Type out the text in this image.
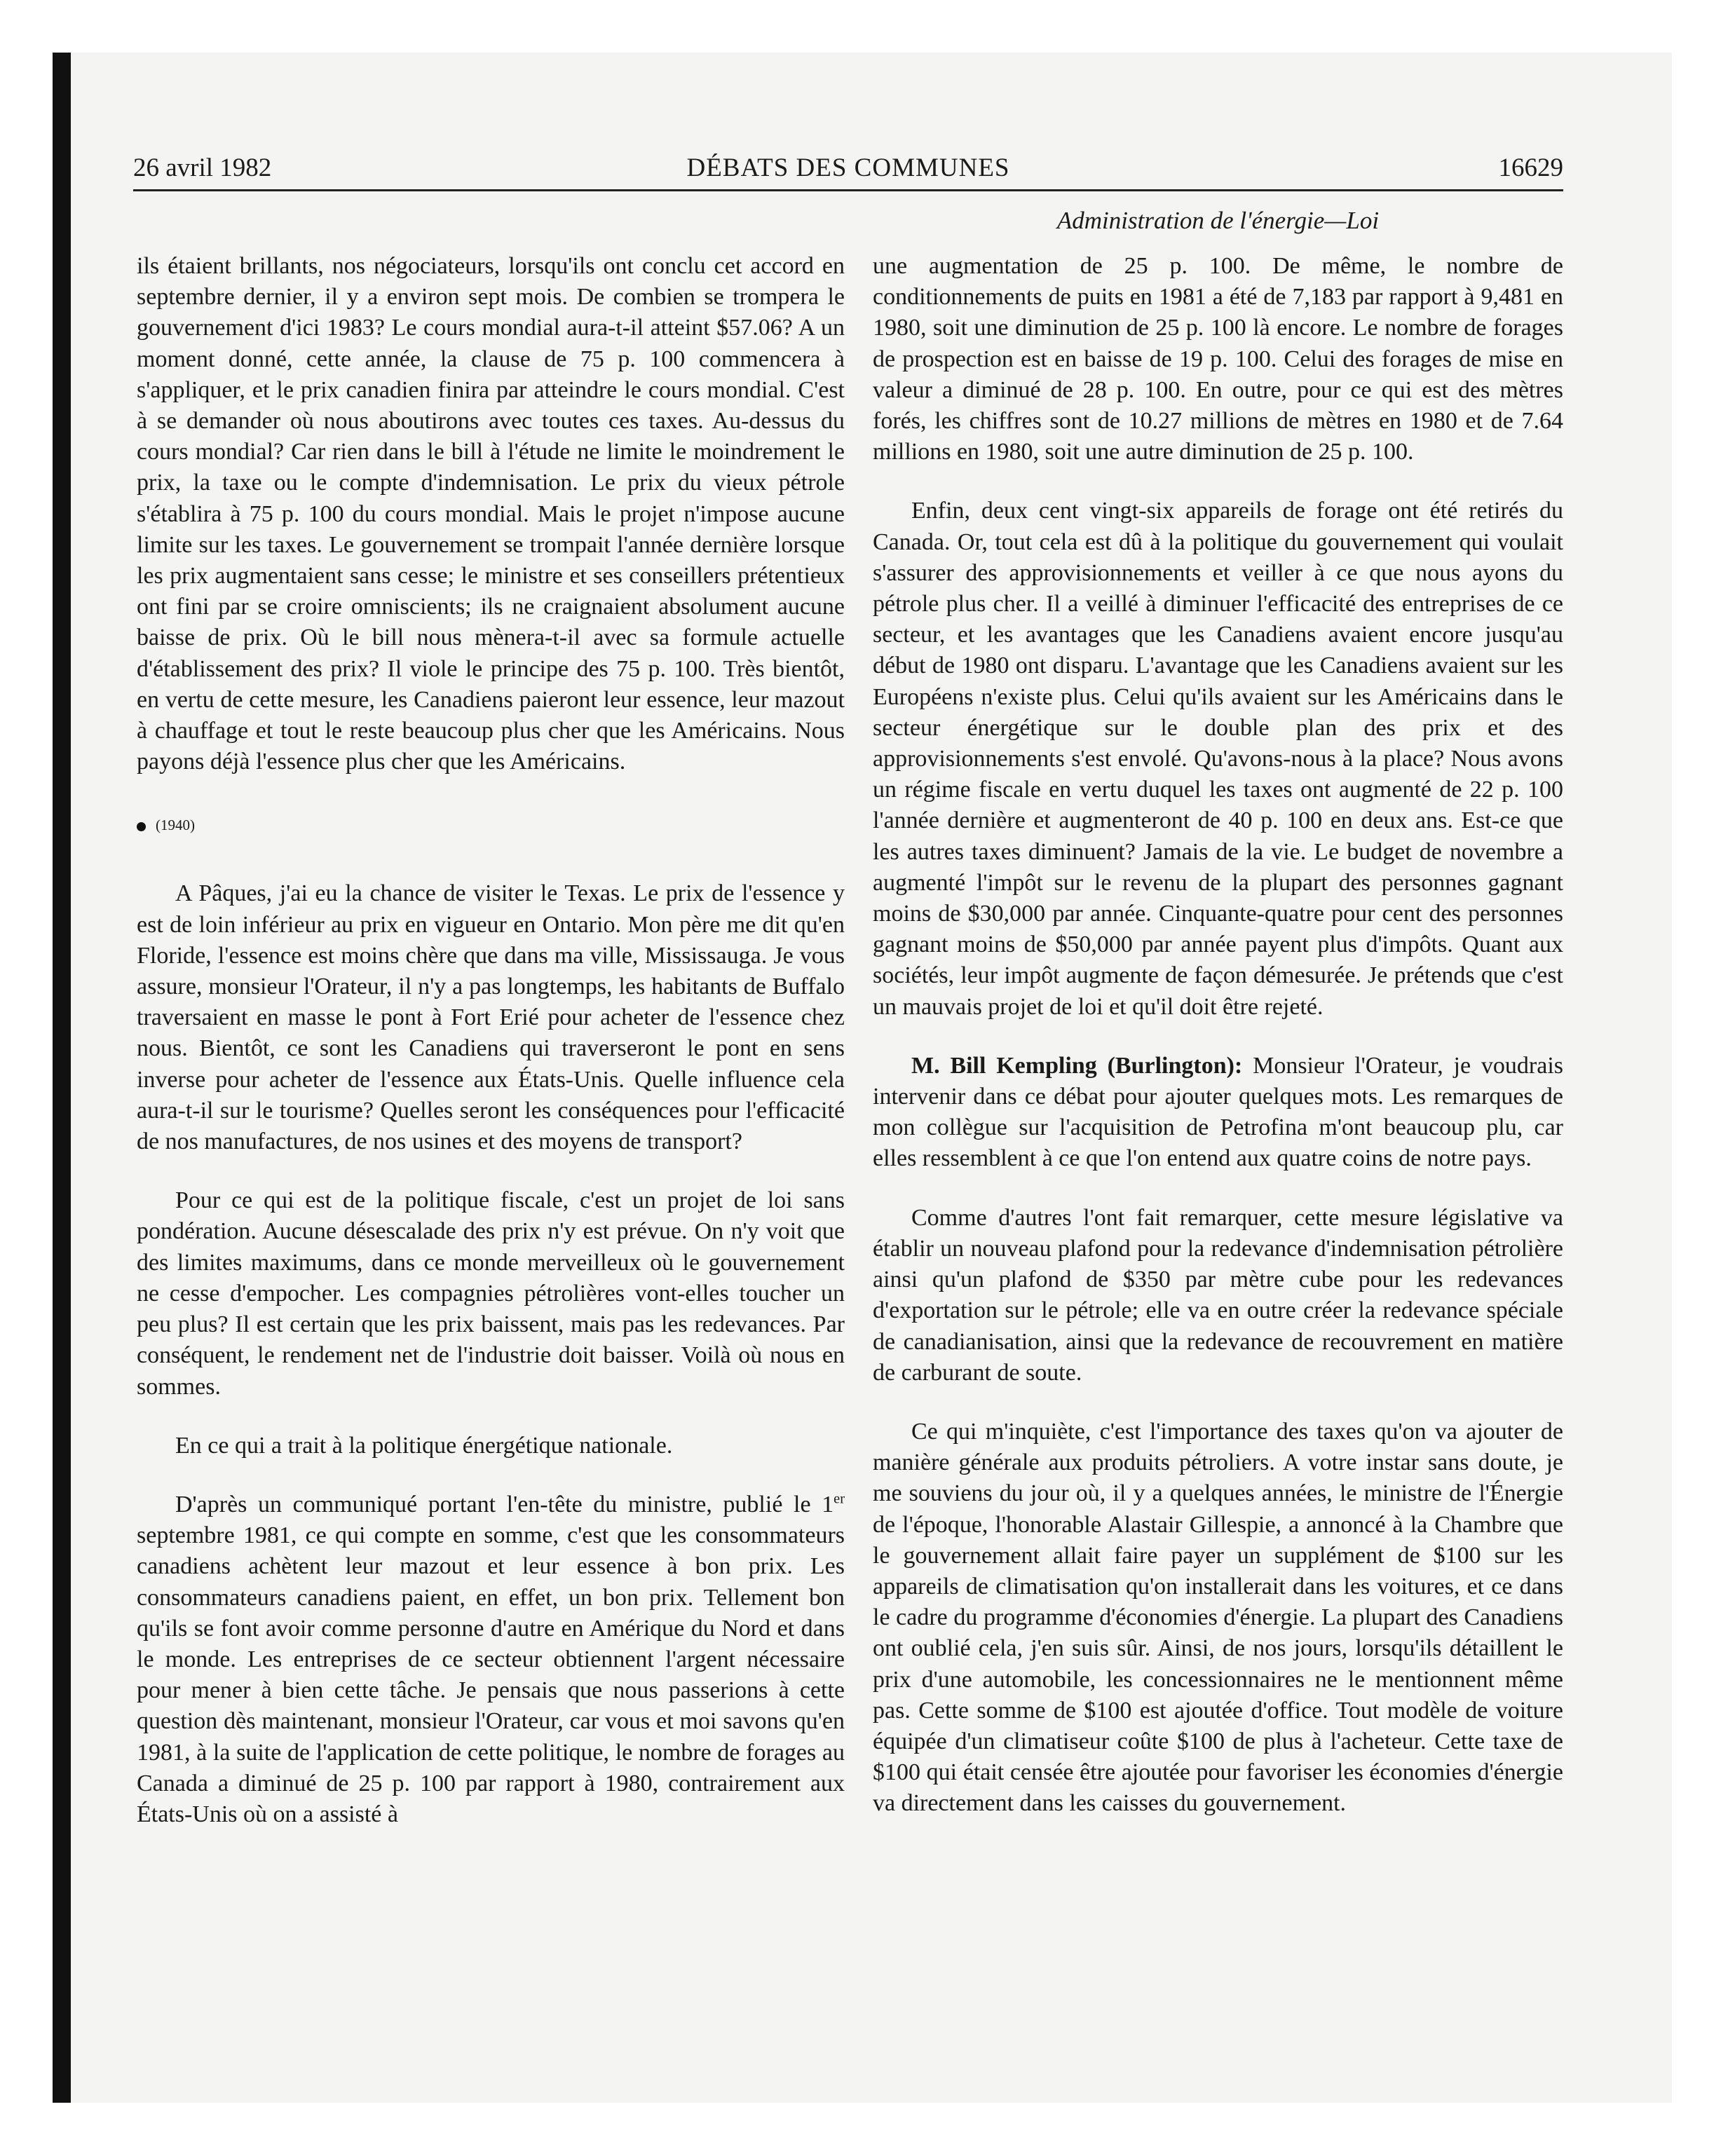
26 avril 1982	DÉBATS DES COMMUNES	16629
Administration de l'énergie—Loi

ils étaient brillants, nos négociateurs, lorsqu'ils ont conclu cet accord en septembre dernier, il y a environ sept mois. De combien se trompera le gouvernement d'ici 1983? Le cours mondial aura-t-il atteint $57.06? A un moment donné, cette année, la clause de 75 p. 100 commencera à s'appliquer, et le prix canadien finira par atteindre le cours mondial. C'est à se demander où nous aboutirons avec toutes ces taxes. Au-dessus du cours mondial? Car rien dans le bill à l'étude ne limite le moindrement le prix, la taxe ou le compte d'indemnisation. Le prix du vieux pétrole s'établira à 75 p. 100 du cours mondial. Mais le projet n'impose aucune limite sur les taxes. Le gouvernement se trompait l'année dernière lorsque les prix augmentaient sans cesse; le ministre et ses conseillers prétentieux ont fini par se croire omniscients; ils ne craignaient absolument aucune baisse de prix. Où le bill nous mènera-t-il avec sa formule actuelle d'établissement des prix? Il viole le principe des 75 p. 100. Très bientôt, en vertu de cette mesure, les Canadiens paieront leur essence, leur mazout à chauffage et tout le reste beaucoup plus cher que les Américains. Nous payons déjà l'essence plus cher que les Américains.

(1940)

A Pâques, j'ai eu la chance de visiter le Texas. Le prix de l'essence y est de loin inférieur au prix en vigueur en Ontario. Mon père me dit qu'en Floride, l'essence est moins chère que dans ma ville, Mississauga. Je vous assure, monsieur l'Orateur, il n'y a pas longtemps, les habitants de Buffalo traversaient en masse le pont à Fort Erié pour acheter de l'essence chez nous. Bientôt, ce sont les Canadiens qui traverseront le pont en sens inverse pour acheter de l'essence aux États-Unis. Quelle influence cela aura-t-il sur le tourisme? Quelles seront les conséquences pour l'efficacité de nos manufactures, de nos usines et des moyens de transport?

Pour ce qui est de la politique fiscale, c'est un projet de loi sans pondération. Aucune désescalade des prix n'y est prévue. On n'y voit que des limites maximums, dans ce monde merveilleux où le gouvernement ne cesse d'empocher. Les compagnies pétrolières vont-elles toucher un peu plus? Il est certain que les prix baissent, mais pas les redevances. Par conséquent, le rendement net de l'industrie doit baisser. Voilà où nous en sommes.

En ce qui a trait à la politique énergétique nationale.

D'après un communiqué portant l'en-tête du ministre, publié le 1er septembre 1981, ce qui compte en somme, c'est que les consommateurs canadiens achètent leur mazout et leur essence à bon prix. Les consommateurs canadiens paient, en effet, un bon prix. Tellement bon qu'ils se font avoir comme personne d'autre en Amérique du Nord et dans le monde. Les entreprises de ce secteur obtiennent l'argent nécessaire pour mener à bien cette tâche. Je pensais que nous passerions à cette question dès maintenant, monsieur l'Orateur, car vous et moi savons qu'en 1981, à la suite de l'application de cette politique, le nombre de forages au Canada a diminué de 25 p. 100 par rapport à 1980, contrairement aux États-Unis où on a assisté à

une augmentation de 25 p. 100. De même, le nombre de conditionnements de puits en 1981 a été de 7,183 par rapport à 9,481 en 1980, soit une diminution de 25 p. 100 là encore. Le nombre de forages de prospection est en baisse de 19 p. 100. Celui des forages de mise en valeur a diminué de 28 p. 100. En outre, pour ce qui est des mètres forés, les chiffres sont de 10.27 millions de mètres en 1980 et de 7.64 millions en 1980, soit une autre diminution de 25 p. 100.

Enfin, deux cent vingt-six appareils de forage ont été retirés du Canada. Or, tout cela est dû à la politique du gouvernement qui voulait s'assurer des approvisionnements et veiller à ce que nous ayons du pétrole plus cher. Il a veillé à diminuer l'efficacité des entreprises de ce secteur, et les avantages que les Canadiens avaient encore jusqu'au début de 1980 ont disparu. L'avantage que les Canadiens avaient sur les Européens n'existe plus. Celui qu'ils avaient sur les Américains dans le secteur énergétique sur le double plan des prix et des approvisionnements s'est envolé. Qu'avons-nous à la place? Nous avons un régime fiscale en vertu duquel les taxes ont augmenté de 22 p. 100 l'année dernière et augmenteront de 40 p. 100 en deux ans. Est-ce que les autres taxes diminuent? Jamais de la vie. Le budget de novembre a augmenté l'impôt sur le revenu de la plupart des personnes gagnant moins de $30,000 par année. Cinquante-quatre pour cent des personnes gagnant moins de $50,000 par année payent plus d'impôts. Quant aux sociétés, leur impôt augmente de façon démesurée. Je prétends que c'est un mauvais projet de loi et qu'il doit être rejeté.

M. Bill Kempling (Burlington): Monsieur l'Orateur, je voudrais intervenir dans ce débat pour ajouter quelques mots. Les remarques de mon collègue sur l'acquisition de Petrofina m'ont beaucoup plu, car elles ressemblent à ce que l'on entend aux quatre coins de notre pays.

Comme d'autres l'ont fait remarquer, cette mesure législative va établir un nouveau plafond pour la redevance d'indemnisation pétrolière ainsi qu'un plafond de $350 par mètre cube pour les redevances d'exportation sur le pétrole; elle va en outre créer la redevance spéciale de canadianisation, ainsi que la redevance de recouvrement en matière de carburant de soute.

Ce qui m'inquiète, c'est l'importance des taxes qu'on va ajouter de manière générale aux produits pétroliers. A votre instar sans doute, je me souviens du jour où, il y a quelques années, le ministre de l'Énergie de l'époque, l'honorable Alastair Gillespie, a annoncé à la Chambre que le gouvernement allait faire payer un supplément de $100 sur les appareils de climatisation qu'on installerait dans les voitures, et ce dans le cadre du programme d'économies d'énergie. La plupart des Canadiens ont oublié cela, j'en suis sûr. Ainsi, de nos jours, lorsqu'ils détaillent le prix d'une automobile, les concessionnaires ne le mentionnent même pas. Cette somme de $100 est ajoutée d'office. Tout modèle de voiture équipée d'un climatiseur coûte $100 de plus à l'acheteur. Cette taxe de $100 qui était censée être ajoutée pour favoriser les économies d'énergie va directement dans les caisses du gouvernement.
